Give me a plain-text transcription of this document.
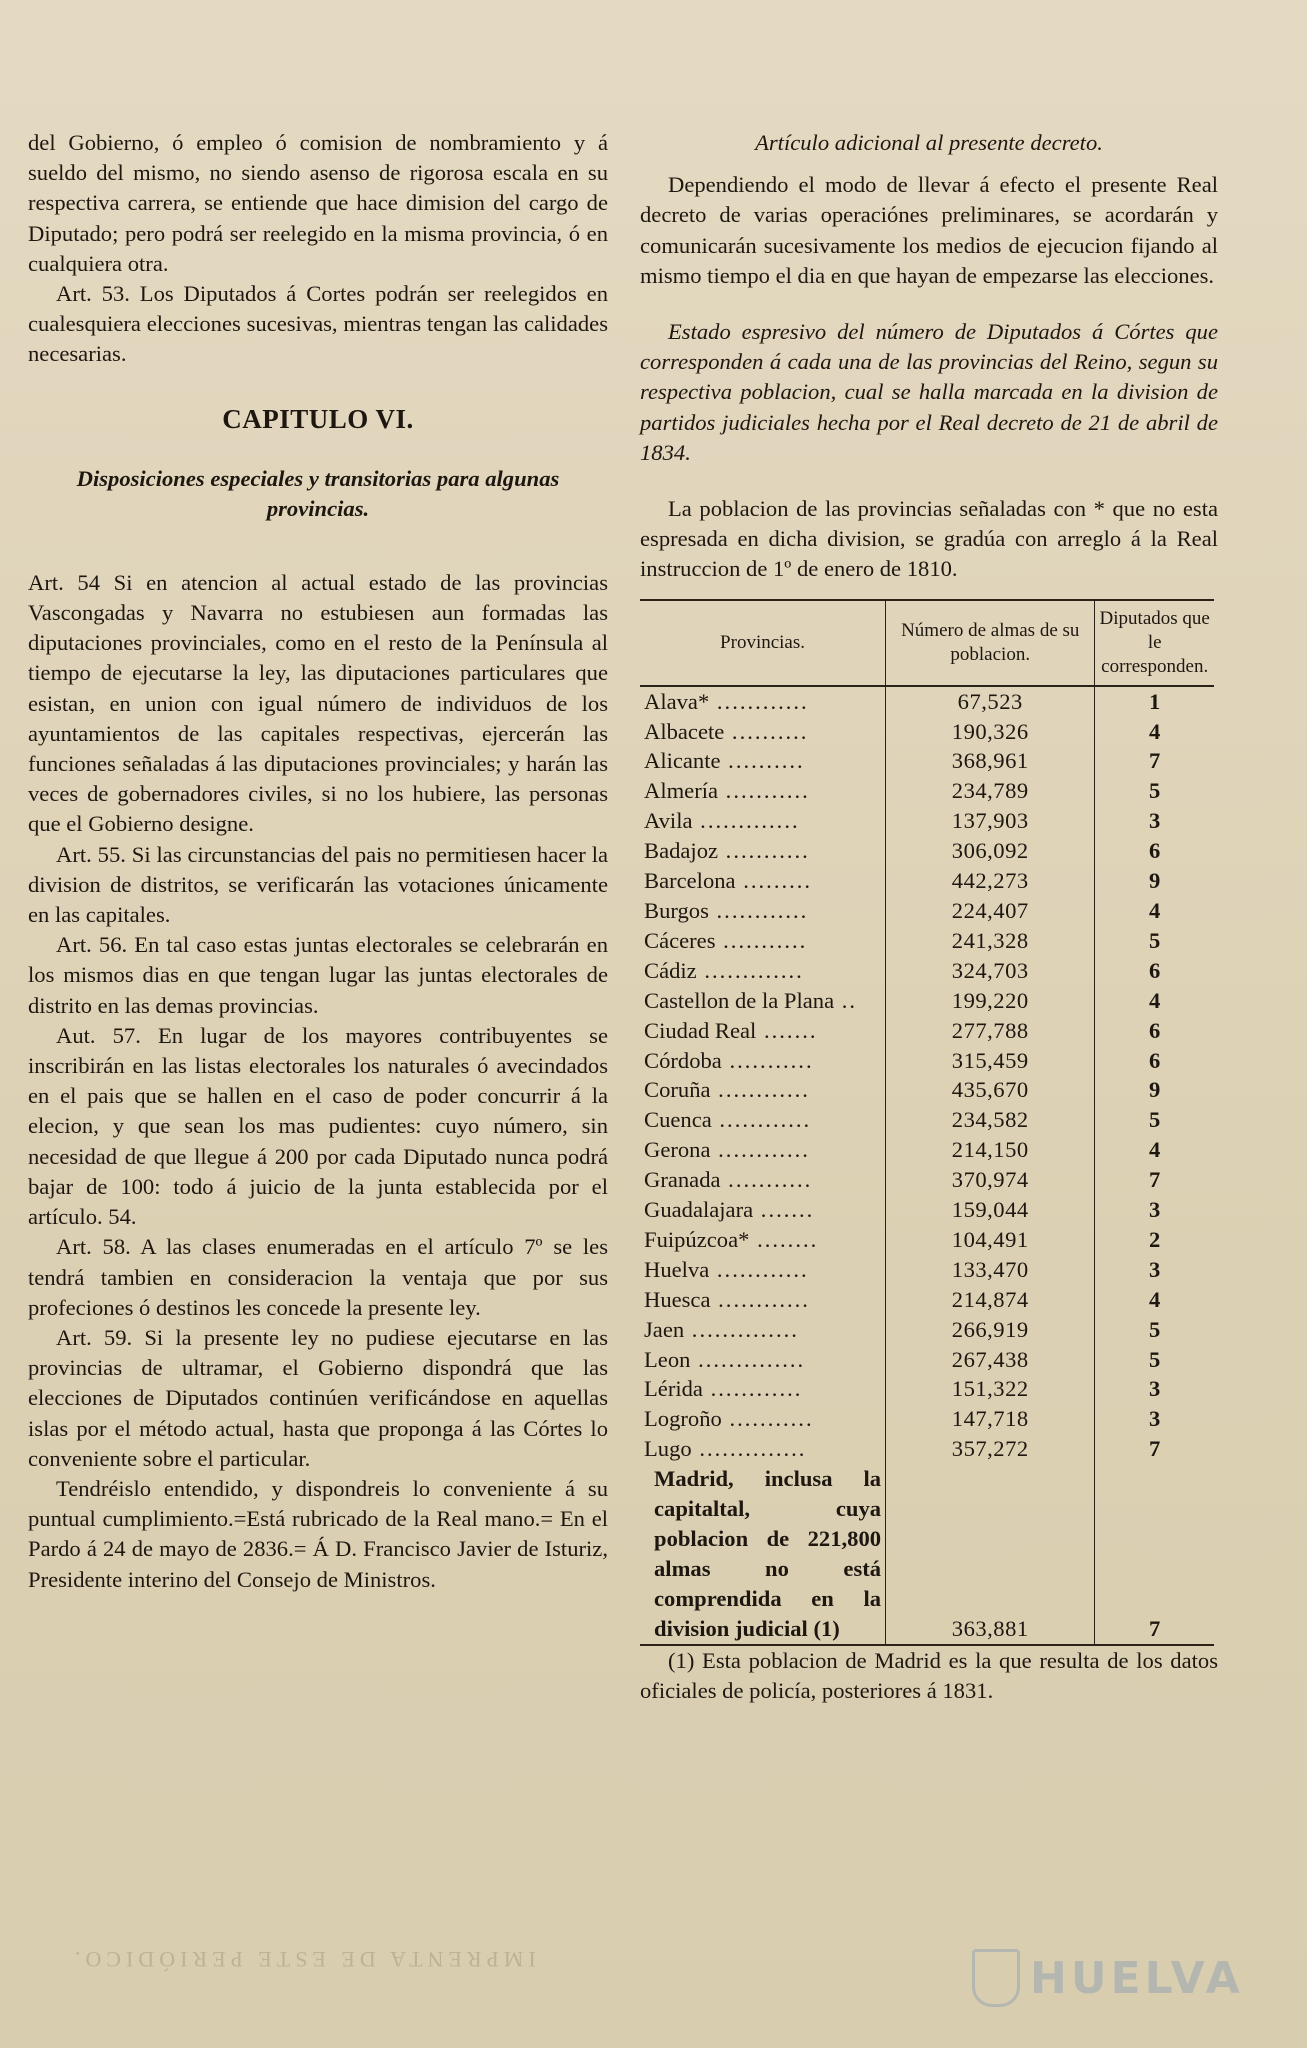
del Gobierno, ó empleo ó comision de nombramiento y á sueldo del mismo, no siendo asenso de rigorosa escala en su respectiva carrera, se entiende que hace dimision del cargo de Diputado; pero podrá ser reelegido en la misma provincia, ó en cualquiera otra.

Art. 53. Los Diputados á Cortes podrán ser reelegidos en cualesquiera elecciones sucesivas, mientras tengan las calidades necesarias.

CAPITULO VI.
Disposiciones especiales y transitorias para algunas provincias.

Art. 54 Si en atencion al actual estado de las provincias Vascongadas y Navarra no estubiesen aun formadas las diputaciones provinciales, como en el resto de la Península al tiempo de ejecutarse la ley, las diputaciones particulares que esistan, en union con igual número de individuos de los ayuntamientos de las capitales respectivas, ejercerán las funciones señaladas á las diputaciones provinciales; y harán las veces de gobernadores civiles, si no los hubiere, las personas que el Gobierno designe.

Art. 55. Si las circunstancias del pais no permitiesen hacer la division de distritos, se verificarán las votaciones únicamente en las capitales.

Art. 56. En tal caso estas juntas electorales se celebrarán en los mismos dias en que tengan lugar las juntas electorales de distrito en las demas provincias.

Aut. 57. En lugar de los mayores contribuyentes se inscribirán en las listas electorales los naturales ó avecindados en el pais que se hallen en el caso de poder concurrir á la elecion, y que sean los mas pudientes: cuyo número, sin necesidad de que llegue á 200 por cada Diputado nunca podrá bajar de 100: todo á juicio de la junta establecida por el artículo. 54.

Art. 58. A las clases enumeradas en el artículo 7º se les tendrá tambien en consideracion la ventaja que por sus profeciones ó destinos les concede la presente ley.

Art. 59. Si la presente ley no pudiese ejecutarse en las provincias de ultramar, el Gobierno dispondrá que las elecciones de Diputados continúen verificándose en aquellas islas por el método actual, hasta que proponga á las Córtes lo conveniente sobre el particular.

Tendréislo entendido, y dispondreis lo conveniente á su puntual cumplimiento.=Está rubricado de la Real mano.= En el Pardo á 24 de mayo de 2836.= Á D. Francisco Javier de Isturiz, Presidente interino del Consejo de Ministros.

Artículo adicional al presente decreto.

Dependiendo el modo de llevar á efecto el presente Real decreto de varias operaciónes preliminares, se acordarán y comunicarán sucesivamente los medios de ejecucion fijando al mismo tiempo el dia en que hayan de empezarse las elecciones.

Estado espresivo del número de Diputados á Córtes que corresponden á cada una de las provincias del Reino, segun su respectiva poblacion, cual se halla marcada en la division de partidos judiciales hecha por el Real decreto de 21 de abril de 1834.

La poblacion de las provincias señaladas con * que no esta espresada en dicha division, se gradúa con arreglo á la Real instruccion de 1º de enero de 1810.

Provincias.	Número de almas de su poblacion.	Diputados que le corresponden.
Alava* ............	67,523	1
Albacete ..........	190,326	4
Alicante ..........	368,961	7
Almería ...........	234,789	5
Avila .............	137,903	3
Badajoz ...........	306,092	6
Barcelona .........	442,273	9
Burgos ............	224,407	4
Cáceres ...........	241,328	5
Cádiz .............	324,703	6
Castellon de la Plana ..	199,220	4
Ciudad Real .......	277,788	6
Córdoba ...........	315,459	6
Coruña ............	435,670	9
Cuenca ............	234,582	5
Gerona ............	214,150	4
Granada ...........	370,974	7
Guadalajara .......	159,044	3
Fuipúzcoa* ........	104,491	2
Huelva ............	133,470	3
Huesca ............	214,874	4
Jaen ..............	266,919	5
Leon ..............	267,438	5
Lérida ............	151,322	3
Logroño ...........	147,718	3
Lugo ..............	357,272	7
Madrid, inclusa la capitaltal, cuya poblacion de 221,800 almas no está comprendida en la division judicial (1)	363,881	7

(1) Esta poblacion de Madrid es la que resulta de los datos oficiales de policía, posteriores á 1831.

IMPRENTA DE ESTE PERIÓDICO.	HUELVA
